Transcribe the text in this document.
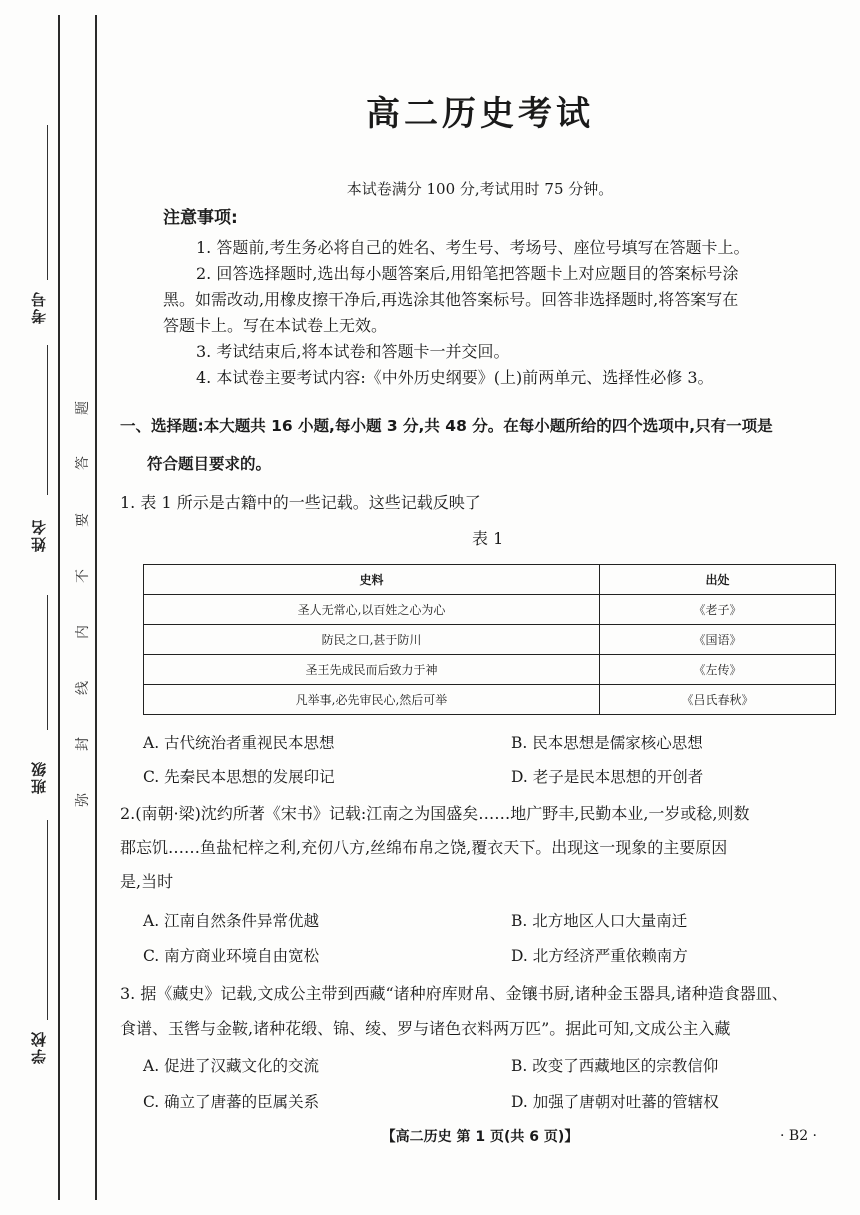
考号
姓名
班级
学校
题
答
要
不
内
线
封
弥
高二历史考试
本试卷满分 100 分,考试用时 75 分钟。
注意事项:
1. 答题前,考生务必将自己的姓名、考生号、考场号、座位号填写在答题卡上。
2. 回答选择题时,选出每小题答案后,用铅笔把答题卡上对应题目的答案标号涂
黑。如需改动,用橡皮擦干净后,再选涂其他答案标号。回答非选择题时,将答案写在
答题卡上。写在本试卷上无效。
3. 考试结束后,将本试卷和答题卡一并交回。
4. 本试卷主要考试内容:《中外历史纲要》(上)前两单元、选择性必修 3。
一、选择题:本大题共 16 小题,每小题 3 分,共 48 分。在每小题所给的四个选项中,只有一项是
符合题目要求的。
1. 表 1 所示是古籍中的一些记载。这些记载反映了
表 1
史料	出处
圣人无常心,以百姓之心为心	《老子》
防民之口,甚于防川	《国语》
圣王先成民而后致力于神	《左传》
凡举事,必先审民心,然后可举	《吕氏春秋》
A. 古代统治者重视民本思想	B. 民本思想是儒家核心思想
C. 先秦民本思想的发展印记	D. 老子是民本思想的开创者
2.(南朝·梁)沈约所著《宋书》记载:江南之为国盛矣……地广野丰,民勤本业,一岁或稔,则数
郡忘饥……鱼盐杞梓之利,充仞八方,丝绵布帛之饶,覆衣天下。出现这一现象的主要原因
是,当时
A. 江南自然条件异常优越	B. 北方地区人口大量南迁
C. 南方商业环境自由宽松	D. 北方经济严重依赖南方
3. 据《藏史》记载,文成公主带到西藏“诸种府库财帛、金镶书厨,诸种金玉器具,诸种造食器皿、
食谱、玉辔与金鞍,诸种花缎、锦、绫、罗与诸色衣料两万匹”。据此可知,文成公主入藏
A. 促进了汉藏文化的交流	B. 改变了西藏地区的宗教信仰
C. 确立了唐蕃的臣属关系	D. 加强了唐朝对吐蕃的管辖权
【高二历史 第 1 页(共 6 页)】	· B2 ·
